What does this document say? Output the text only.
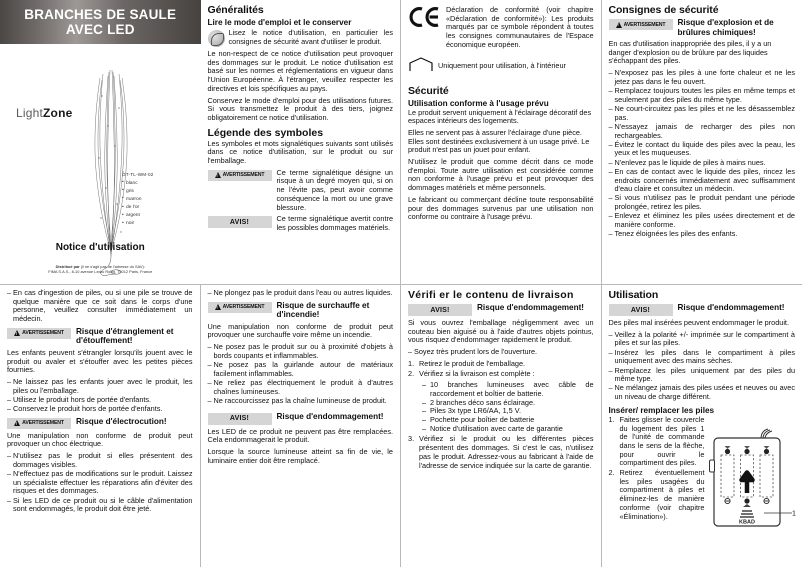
BRANCHES DE SAULE
AVEC LED
LightZone
GT-TL-WM-02
• blanc
• gris
• marron
• de l'or
• argent
• noir
Notice d'utilisation
Distribué par (il ne s'agit pas de l'adresse du SAV):
FIMA S.A.S., 8-10 avenue Ledru Rollin, 75012 Paris, France
Généralités
Lire le mode d'emploi et le conserver
Lisez le notice d'utilisation, en particulier les consignes de sécurité avant d'utiliser le produit.

Le non-respect de ce notice d'utilisation peut provoquer des dommages sur le produit. Le notice d'utilisation est basé sur les normes et réglementations en vigueur dans l'Union Européenne. À l'étranger, veuillez respecter les directives et lois spécifiques au pays.

Conservez le mode d'emploi pour des utilisations futures. Si vous transmettez le produit à des tiers, joignez obligatoirement ce notice d'utilisation.

Légende des symboles

Les symboles et mots signalétiques suivants sont utilisés dans ce notice d'utilisation, sur le produit ou sur l'emballage.

!
AVERTISSEMENT Ce terme signalétique désigne un risque à un degré moyen qui, si on ne l'évite pas, peut avoir comme conséquence la mort ou une grave blessure.
AVIS!	Ce terme signalétique avertit contre les possibles dommages matériels.
Déclaration de conformité (voir chapitre «Déclaration de conformité»): Les produits marqués par ce symbole répondent à toutes les consignes communautaires de l'Espace économique européen.
Uniquement pour utilisation, à l'intérieur
Sécurité
Utilisation conforme à l'usage prévu

Le produit servent uniquement à l'éclairage décoratif des espaces intérieurs des logements.

Elles ne servent pas à assurer l'éclairage d'une pièce. Elles sont destinées exclusivement à un usage privé. Le produit n'est pas un jouet pour enfant.

N'utilisez le produit que comme décrit dans ce mode d'emploi. Toute autre utilisation est considérée comme non conforme à l'usage prévu et peut provoquer des dommages matériels et même personnels.

Le fabricant ou commerçant décline toute responsabilité pour des dommages survenus par une utilisation non conforme ou contraire à l'usage prévu.

Consignes de sécurité
!
AVERTISSEMENT Risque d'explosion et de brûlures chimiques!

En cas d'utilisation inappropriée des piles, il y a un danger d'explosion ou de brûlure par des liquides s'échappant des piles.

– N'exposez pas les piles à une forte chaleur et ne les jetez pas dans le feu ouvert.
– Remplacez toujours toutes les piles en même temps et seulement par des piles du même type.
– Ne court-circuitez pas les piles et ne les désassemblez pas.
– N'essayez jamais de recharger des piles non rechargeables.
– Évitez le contact du liquide des piles avec la peau, les yeux et les muqueuses.
– N'enlevez pas le liquide de piles à mains nues.
– En cas de contact avec le liquide des piles, rincez les endroits concernés immédiatement avec suffisamment d'eau claire et consultez un médecin.
– Si vous n'utilisez pas le produit pendant une période prolongée, retirez les piles.
– Enlevez et éliminez les piles usées directement et de manière conforme.
– Tenez éloignées les piles des enfants.
– En cas d'ingestion de piles, ou si une pile se trouve de quelque manière que ce soit dans le corps d'une personne, veuillez consulter immédiatement un médecin.
!
AVERTISSEMENT Risque d'étranglement et d'étouffement!

Les enfants peuvent s'étrangler lorsqu'ils jouent avec le produit ou avaler et s'étouffer avec les petites pièces fournies.

– Ne laissez pas les enfants jouer avec le produit, les piles ou l'emballage.
– Utilisez le produit hors de portée d'enfants.
– Conservez le produit hors de portée d'enfants.
!
AVERTISSEMENT Risque d'électrocution!

Une manipulation non conforme de produit peut provoquer un choc électrique.

– N'utilisez pas le produit si elles présentent des dommages visibles.
– N'effectuez pas de modifications sur le produit. Laissez un spécialiste effectuer les réparations afin d'éviter des risques et des dommages.
– Si les LED de ce produit ou si le câble d'alimentation sont endommagés, le produit doit être jeté.
– Ne plongez pas le produit dans l'eau ou autres liquides.
!
AVERTISSEMENT Risque de surchauffe et d'incendie!

Une manipulation non conforme de produit peut provoquer une surchauffe voire même un incendie.

– Ne posez pas le produit sur ou à proximité d'objets à bords coupants et inflammables.
– Ne posez pas la guirlande autour de matériaux facilement inflammables.
– Ne reliez pas électriquement le produit à d'autres chaînes lumineuses.
– Ne raccourcissez pas la chaîne lumineuse de produit.
AVIS!	Risque d'endommagement!

Les LED de ce produit ne peuvent pas être remplacées. Cela endommagerait le produit.

Lorsque la source lumineuse atteint sa fin de vie, le luminaire entier doit être remplacé.

Vérifi er le contenu de livraison
AVIS!	Risque d'endommagement!

Si vous ouvrez l'emballage négligemment avec un couteau bien aiguisé ou à l'aide d'autres objets pointus, vous risquez d'endommager rapidement le produit.

– Soyez très prudent lors de l'ouverture.
Retirez le produit de l'emballage.
Vérifiez si la livraison est complète :
– 10 branches lumineuses avec câble de raccordement et boîtier de batterie.
– 2 branches déco sans éclairage.
– Piles 3x type LR6/AA, 1,5 V.
– Pochette pour boîtier de batterie
– Notice d'utilisation avec carte de garantie
Vérifiez si le produit ou les différentes pièces présentent des dommages. Si c'est le cas, n'utilisez pas le produit. Adressez-vous au fabricant à l'aide de l'adresse de service indiquée sur la carte de garantie.
Utilisation
AVIS!	Risque d'endommagement!

Des piles mal insérées peuvent endommager le produit.

– Veillez à la polarité +/- imprimée sur le compartiment à piles et sur las piles.
– Insérez les piles dans le compartiment à piles uniquement avec des mains sèches.
– Remplacez les piles uniquement par des piles du même type.
– Ne mélangez jamais des piles usées et neuves ou avec un niveau de charge différent.
Insérer/ remplacer les piles
Faites glisser le couvercle du logement des piles 1 de l'unité de commande dans le sens de la flèche, pour ouvrir le compartiment des piles.
Retirez éventuellement les piles usagées du compartiment à piles et éliminez-les de manière conforme (voir chapitre «Élimination»).
KBAD
1
